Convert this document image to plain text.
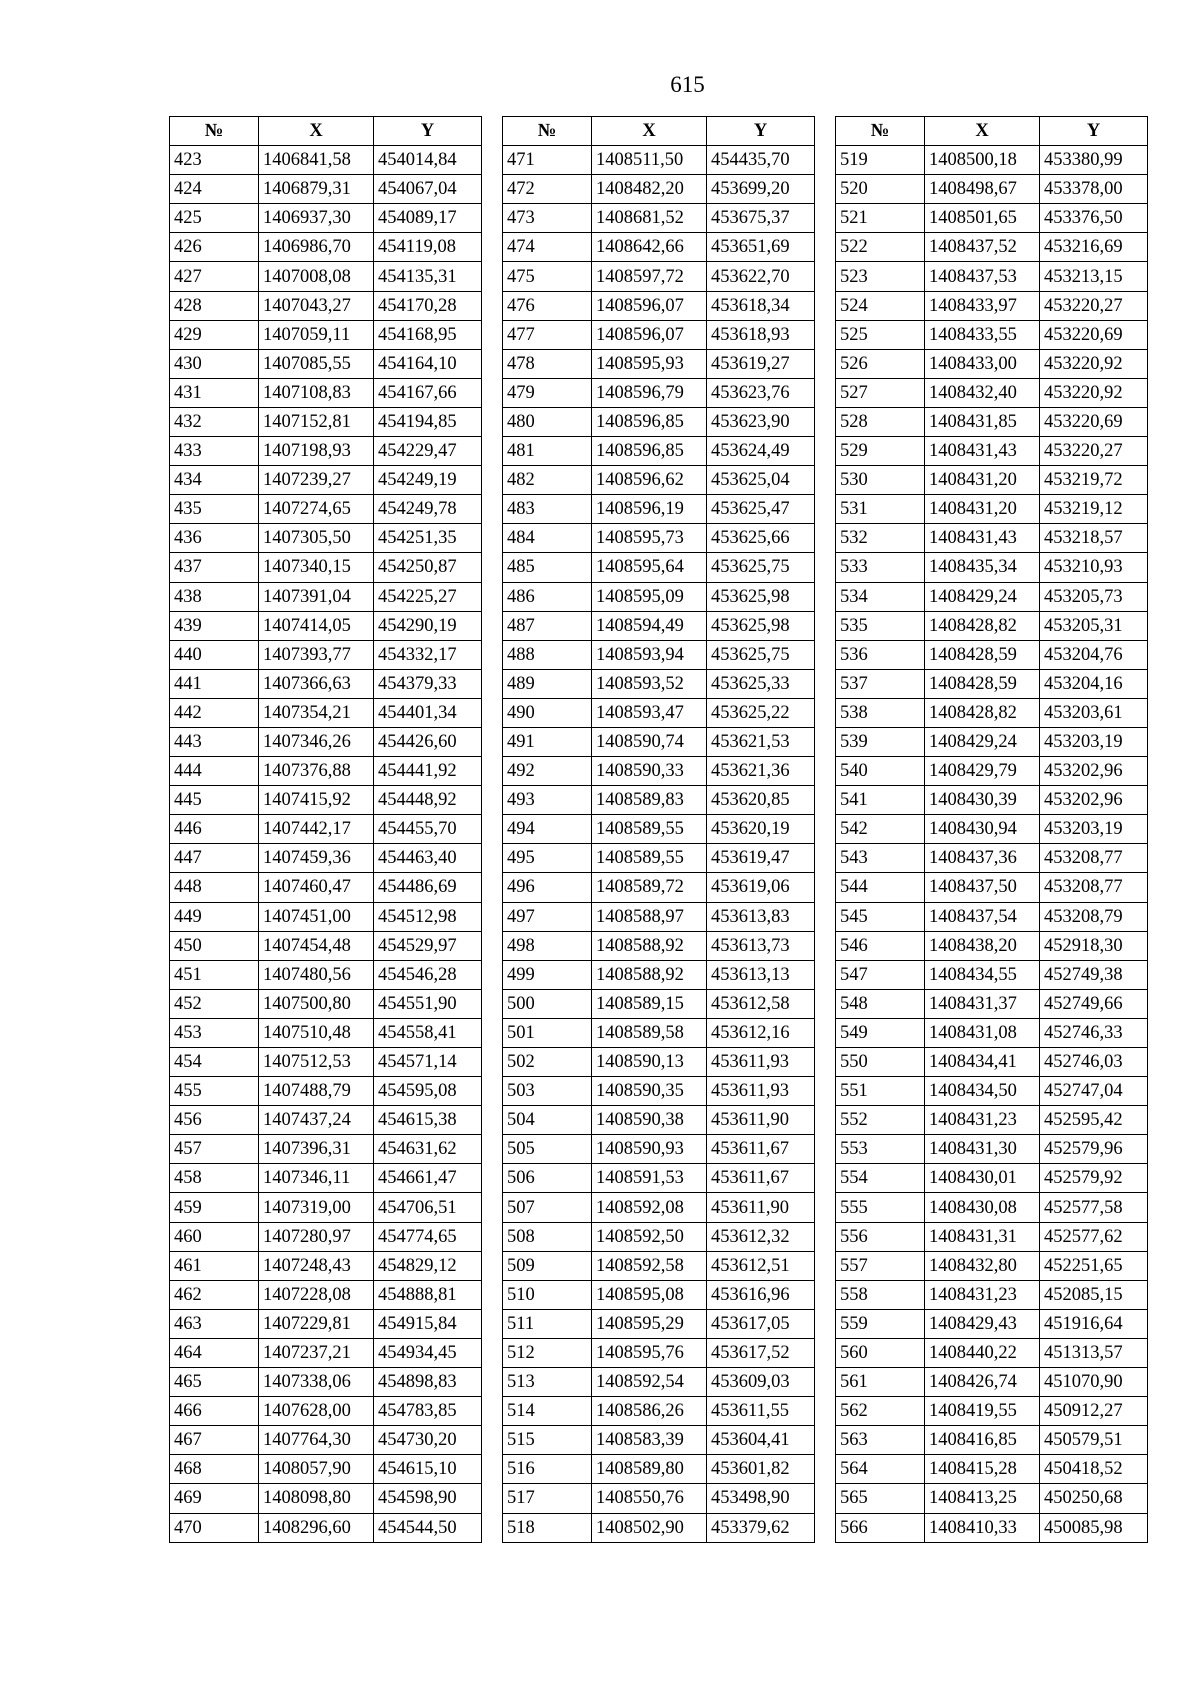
615
№	X	Y
423	1406841,58	454014,84
424	1406879,31	454067,04
425	1406937,30	454089,17
426	1406986,70	454119,08
427	1407008,08	454135,31
428	1407043,27	454170,28
429	1407059,11	454168,95
430	1407085,55	454164,10
431	1407108,83	454167,66
432	1407152,81	454194,85
433	1407198,93	454229,47
434	1407239,27	454249,19
435	1407274,65	454249,78
436	1407305,50	454251,35
437	1407340,15	454250,87
438	1407391,04	454225,27
439	1407414,05	454290,19
440	1407393,77	454332,17
441	1407366,63	454379,33
442	1407354,21	454401,34
443	1407346,26	454426,60
444	1407376,88	454441,92
445	1407415,92	454448,92
446	1407442,17	454455,70
447	1407459,36	454463,40
448	1407460,47	454486,69
449	1407451,00	454512,98
450	1407454,48	454529,97
451	1407480,56	454546,28
452	1407500,80	454551,90
453	1407510,48	454558,41
454	1407512,53	454571,14
455	1407488,79	454595,08
456	1407437,24	454615,38
457	1407396,31	454631,62
458	1407346,11	454661,47
459	1407319,00	454706,51
460	1407280,97	454774,65
461	1407248,43	454829,12
462	1407228,08	454888,81
463	1407229,81	454915,84
464	1407237,21	454934,45
465	1407338,06	454898,83
466	1407628,00	454783,85
467	1407764,30	454730,20
468	1408057,90	454615,10
469	1408098,80	454598,90
470	1408296,60	454544,50
№	X	Y
471	1408511,50	454435,70
472	1408482,20	453699,20
473	1408681,52	453675,37
474	1408642,66	453651,69
475	1408597,72	453622,70
476	1408596,07	453618,34
477	1408596,07	453618,93
478	1408595,93	453619,27
479	1408596,79	453623,76
480	1408596,85	453623,90
481	1408596,85	453624,49
482	1408596,62	453625,04
483	1408596,19	453625,47
484	1408595,73	453625,66
485	1408595,64	453625,75
486	1408595,09	453625,98
487	1408594,49	453625,98
488	1408593,94	453625,75
489	1408593,52	453625,33
490	1408593,47	453625,22
491	1408590,74	453621,53
492	1408590,33	453621,36
493	1408589,83	453620,85
494	1408589,55	453620,19
495	1408589,55	453619,47
496	1408589,72	453619,06
497	1408588,97	453613,83
498	1408588,92	453613,73
499	1408588,92	453613,13
500	1408589,15	453612,58
501	1408589,58	453612,16
502	1408590,13	453611,93
503	1408590,35	453611,93
504	1408590,38	453611,90
505	1408590,93	453611,67
506	1408591,53	453611,67
507	1408592,08	453611,90
508	1408592,50	453612,32
509	1408592,58	453612,51
510	1408595,08	453616,96
511	1408595,29	453617,05
512	1408595,76	453617,52
513	1408592,54	453609,03
514	1408586,26	453611,55
515	1408583,39	453604,41
516	1408589,80	453601,82
517	1408550,76	453498,90
518	1408502,90	453379,62
№	X	Y
519	1408500,18	453380,99
520	1408498,67	453378,00
521	1408501,65	453376,50
522	1408437,52	453216,69
523	1408437,53	453213,15
524	1408433,97	453220,27
525	1408433,55	453220,69
526	1408433,00	453220,92
527	1408432,40	453220,92
528	1408431,85	453220,69
529	1408431,43	453220,27
530	1408431,20	453219,72
531	1408431,20	453219,12
532	1408431,43	453218,57
533	1408435,34	453210,93
534	1408429,24	453205,73
535	1408428,82	453205,31
536	1408428,59	453204,76
537	1408428,59	453204,16
538	1408428,82	453203,61
539	1408429,24	453203,19
540	1408429,79	453202,96
541	1408430,39	453202,96
542	1408430,94	453203,19
543	1408437,36	453208,77
544	1408437,50	453208,77
545	1408437,54	453208,79
546	1408438,20	452918,30
547	1408434,55	452749,38
548	1408431,37	452749,66
549	1408431,08	452746,33
550	1408434,41	452746,03
551	1408434,50	452747,04
552	1408431,23	452595,42
553	1408431,30	452579,96
554	1408430,01	452579,92
555	1408430,08	452577,58
556	1408431,31	452577,62
557	1408432,80	452251,65
558	1408431,23	452085,15
559	1408429,43	451916,64
560	1408440,22	451313,57
561	1408426,74	451070,90
562	1408419,55	450912,27
563	1408416,85	450579,51
564	1408415,28	450418,52
565	1408413,25	450250,68
566	1408410,33	450085,98
